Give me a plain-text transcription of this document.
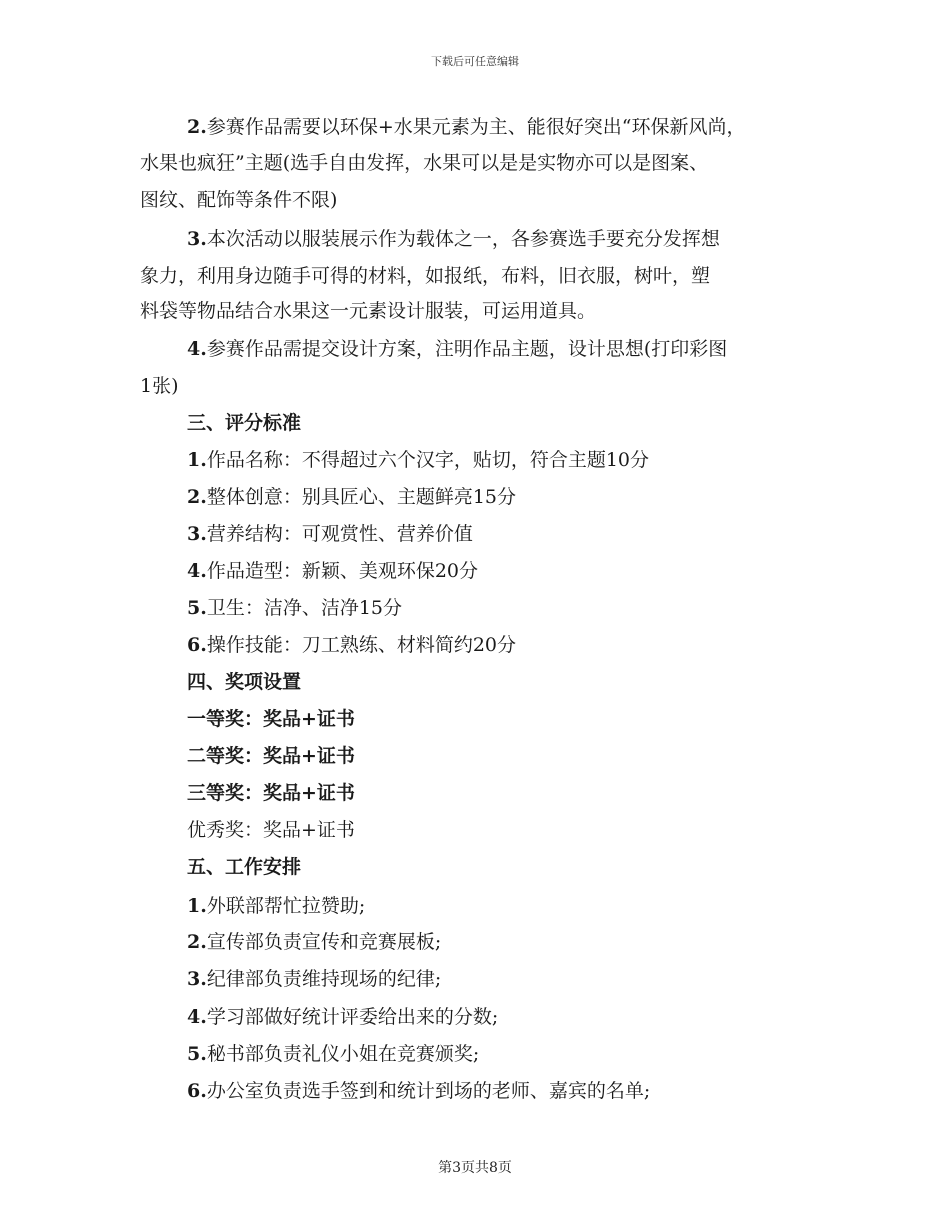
下载后可任意编辑
2.参赛作品需要以环保+水果元素为主、能很好突出“环保新风尚，
水果也疯狂”主题(选手自由发挥，水果可以是是实物亦可以是图案、
图纹、配饰等条件不限)
3.本次活动以服装展示作为载体之一，各参赛选手要充分发挥想
象力，利用身边随手可得的材料，如报纸，布料，旧衣服，树叶，塑
料袋等物品结合水果这一元素设计服装，可运用道具。
4.参赛作品需提交设计方案，注明作品主题，设计思想(打印彩图
1张)
三、评分标准
1.作品名称：不得超过六个汉字，贴切，符合主题10分
2.整体创意：别具匠心、主题鲜亮15分
3.营养结构：可观赏性、营养价值
4.作品造型：新颖、美观环保20分
5.卫生：洁净、洁净15分
6.操作技能：刀工熟练、材料简约20分
四、奖项设置
一等奖：奖品+证书
二等奖：奖品+证书
三等奖：奖品+证书
优秀奖：奖品+证书
五、工作安排
1.外联部帮忙拉赞助;
2.宣传部负责宣传和竞赛展板;
3.纪律部负责维持现场的纪律;
4.学习部做好统计评委给出来的分数;
5.秘书部负责礼仪小姐在竞赛颁奖;
6.办公室负责选手签到和统计到场的老师、嘉宾的名单;
第3页共8页
